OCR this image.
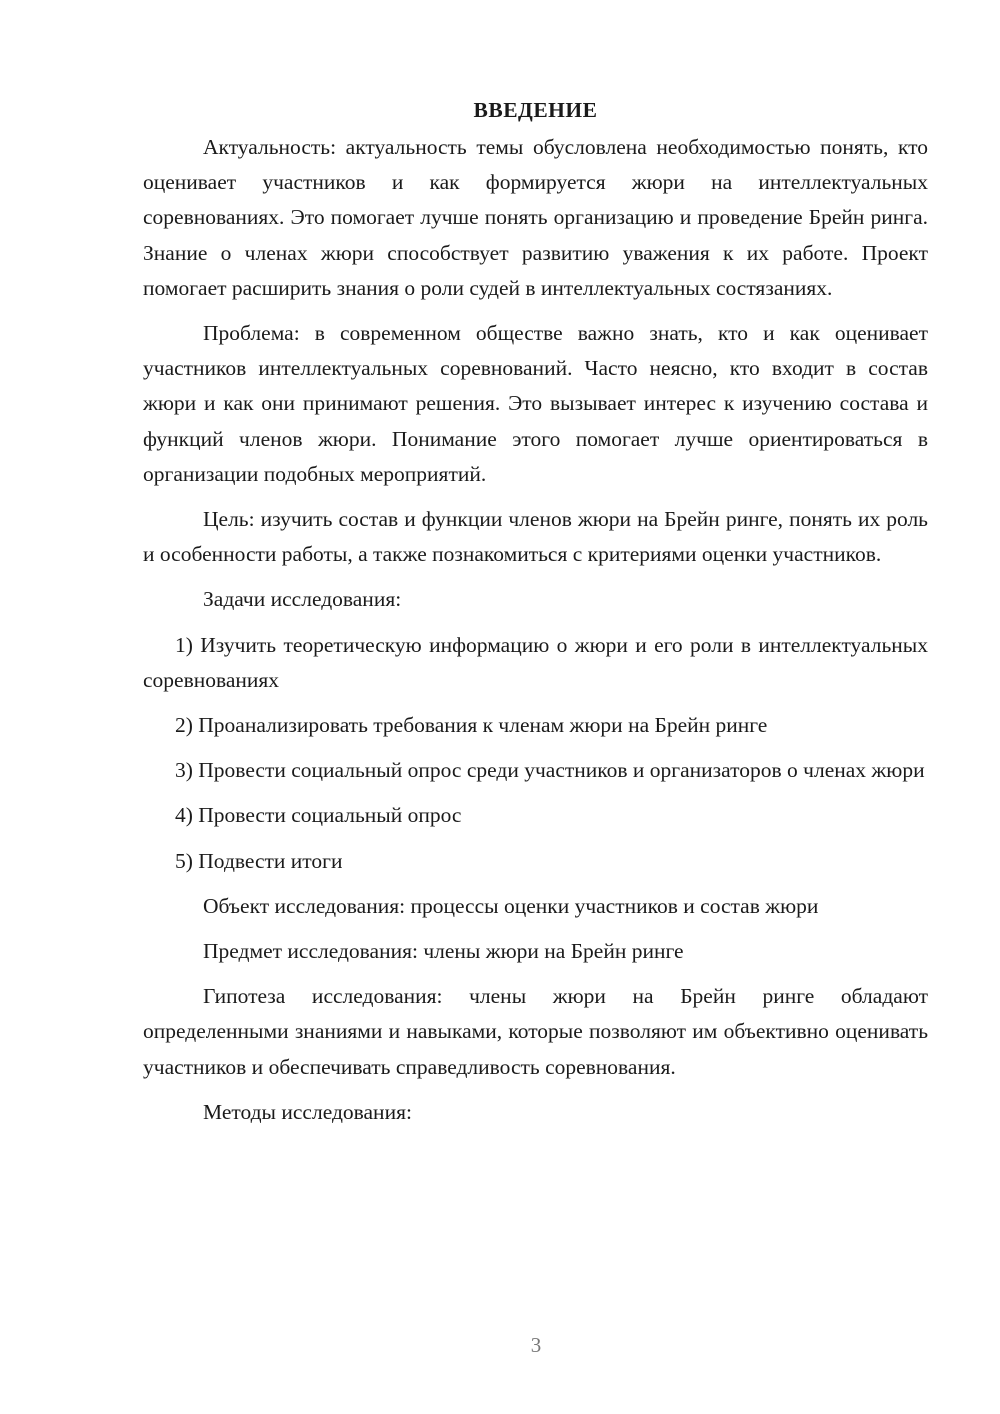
ВВЕДЕНИЕ

Актуальность: актуальность темы обусловлена необходимостью понять, кто оценивает участников и как формируется жюри на интеллектуальных соревнованиях. Это помогает лучше понять организацию и проведение Брейн ринга. Знание о членах жюри способствует развитию уважения к их работе. Проект помогает расширить знания о роли судей в интеллектуальных состязаниях.

Проблема: в современном обществе важно знать, кто и как оценивает участников интеллектуальных соревнований. Часто неясно, кто входит в состав жюри и как они принимают решения. Это вызывает интерес к изучению состава и функций членов жюри. Понимание этого помогает лучше ориентироваться в организации подобных мероприятий.

Цель: изучить состав и функции членов жюри на Брейн ринге, понять их роль и особенности работы, а также познакомиться с критериями оценки участников.

Задачи исследования:

1) Изучить теоретическую информацию о жюри и его роли в интеллектуальных соревнованиях

2) Проанализировать требования к членам жюри на Брейн ринге

3) Провести социальный опрос среди участников и организаторов о членах жюри

4) Провести социальный опрос

5) Подвести итоги

Объект исследования: процессы оценки участников и состав жюри

Предмет исследования: члены жюри на Брейн ринге

Гипотеза исследования: члены жюри на Брейн ринге обладают определенными знаниями и навыками, которые позволяют им объективно оценивать участников и обеспечивать справедливость соревнования.

Методы исследования:

3
